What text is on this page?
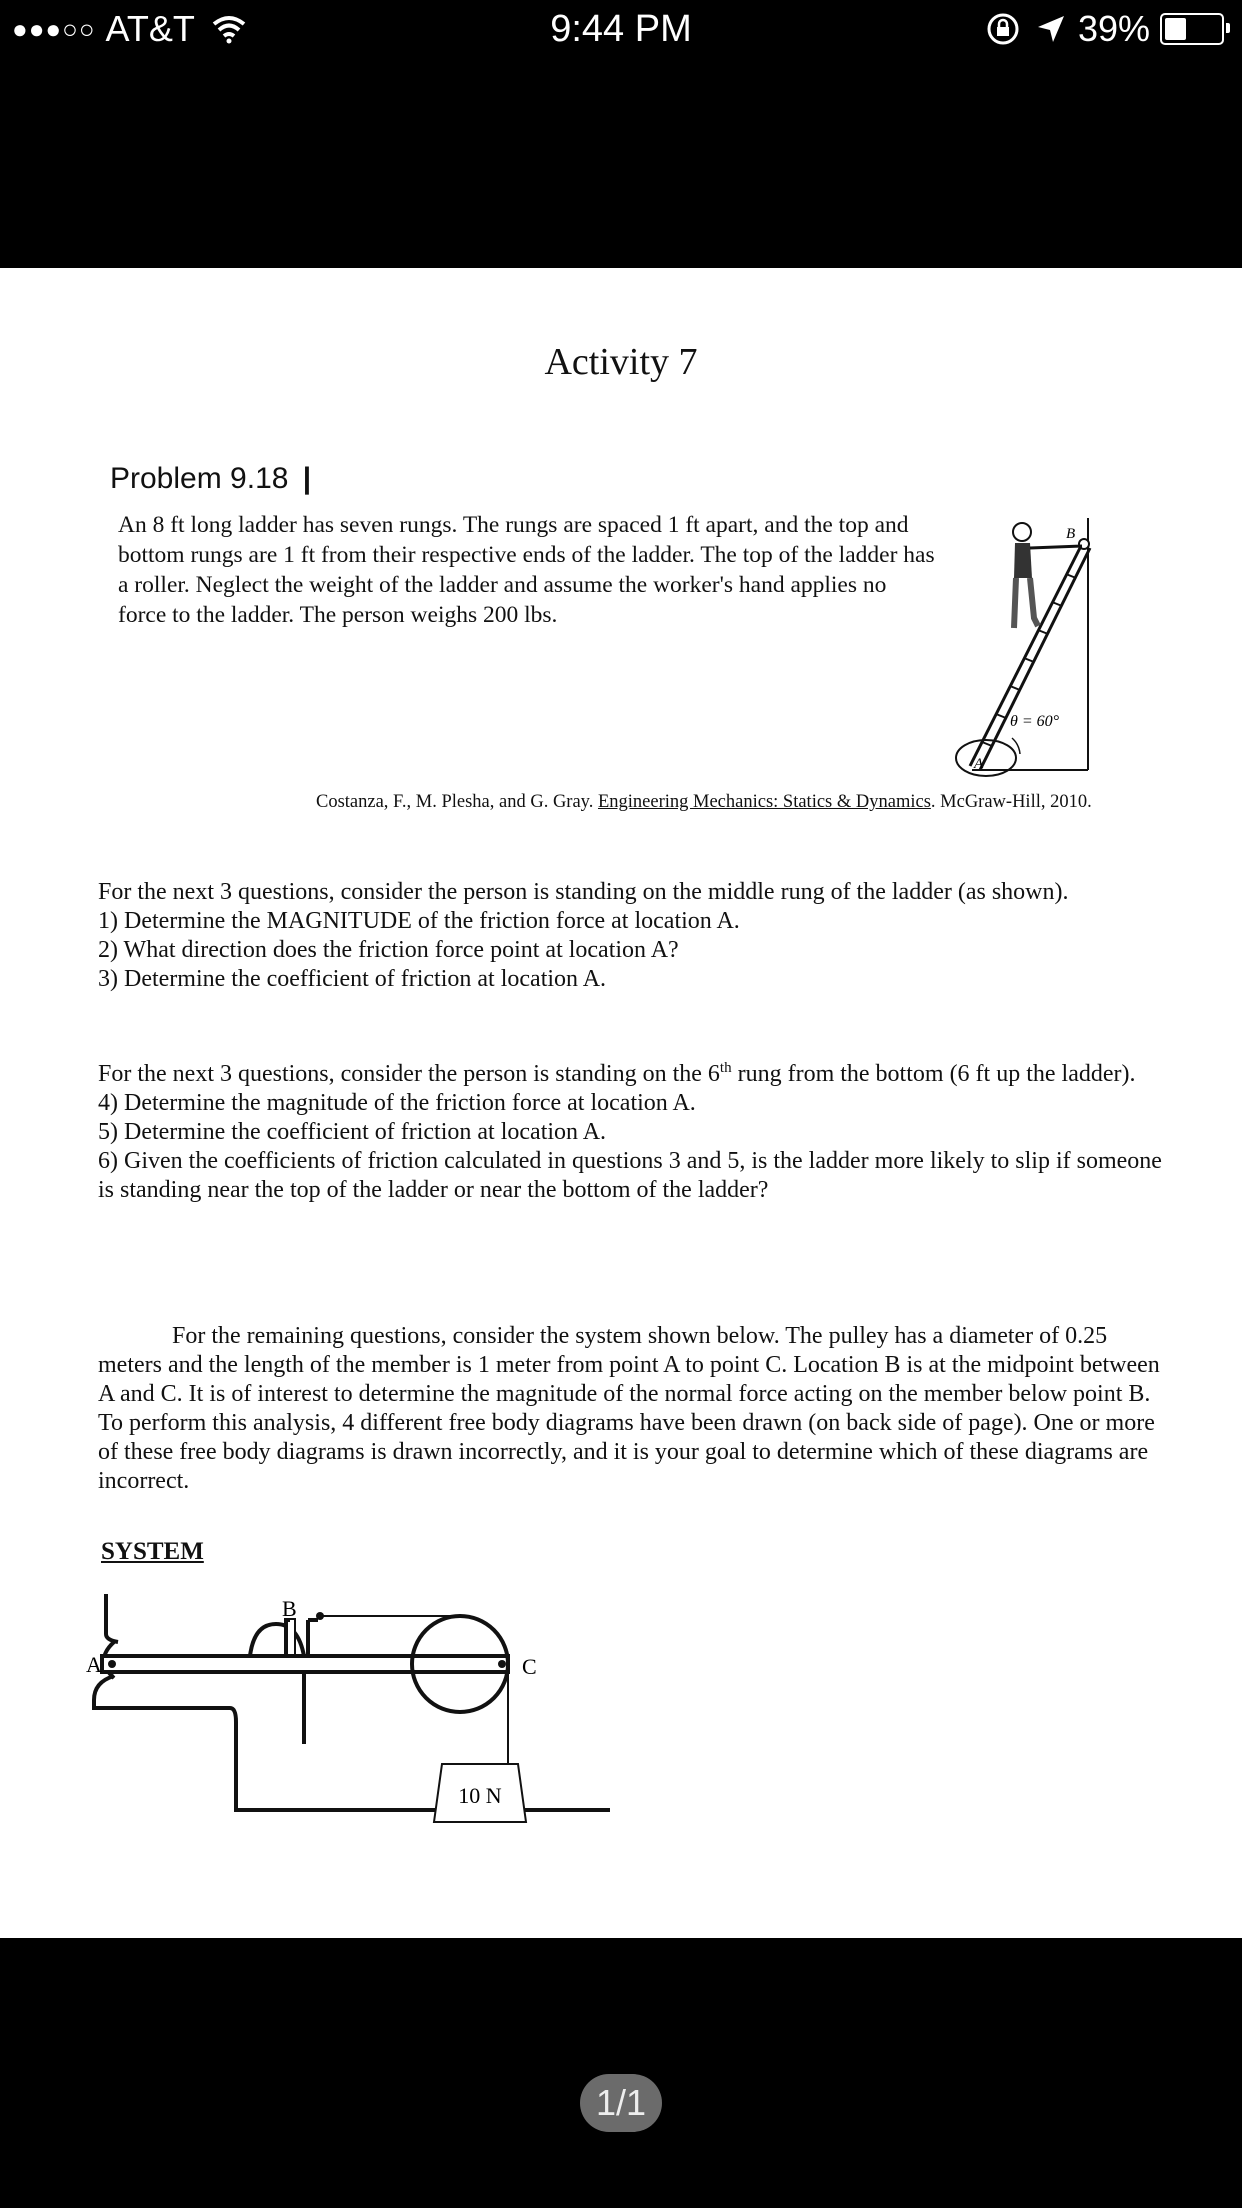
●●●○○ AT&T	9:44 PM	39%
Activity 7
Problem 9.18 |
An 8 ft long ladder has seven rungs. The rungs are spaced 1 ft apart, and the top and bottom rungs are 1 ft from their respective ends of the ladder. The top of the ladder has a roller. Neglect the weight of the ladder and assume the worker's hand applies no force to the ladder. The person weighs 200 lbs.
B
A
θ = 60°
Costanza, F., M. Plesha, and G. Gray. Engineering Mechanics: Statics & Dynamics. McGraw-Hill, 2010.

For the next 3 questions, consider the person is standing on the middle rung of the ladder (as shown).

1) Determine the MAGNITUDE of the friction force at location A.

2) What direction does the friction force point at location A?

3) Determine the coefficient of friction at location A.

For the next 3 questions, consider the person is standing on the 6th rung from the bottom (6 ft up the ladder).

4) Determine the magnitude of the friction force at location A.

5) Determine the coefficient of friction at location A.

6) Given the coefficients of friction calculated in questions 3 and 5, is the ladder more likely to slip if someone is standing near the top of the ladder or near the bottom of the ladder?

For the remaining questions, consider the system shown below. The pulley has a diameter of 0.25 meters and the length of the member is 1 meter from point A to point C. Location B is at the midpoint between A and C. It is of interest to determine the magnitude of the normal force acting on the member below point B. To perform this analysis, 4 different free body diagrams have been drawn (on back side of page). One or more of these free body diagrams is drawn incorrectly, and it is your goal to determine which of these diagrams are incorrect.

SYSTEM
A
B
C
10 N
1/1
